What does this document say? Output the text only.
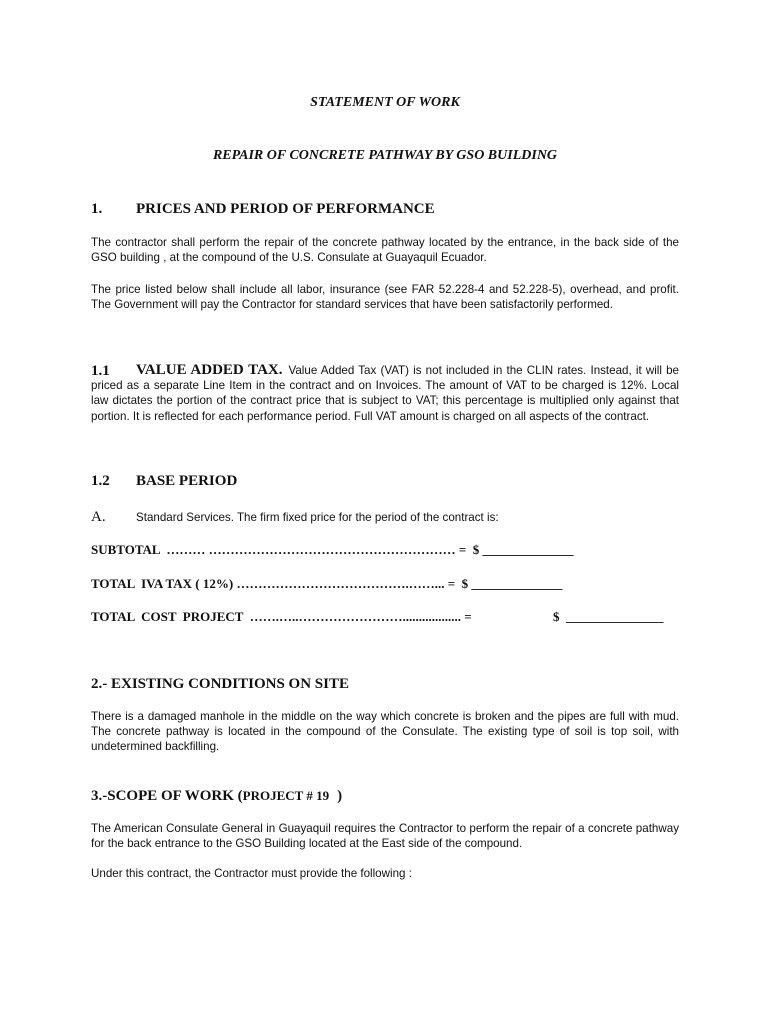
STATEMENT OF WORK
REPAIR OF CONCRETE PATHWAY BY GSO BUILDING
1. PRICES AND PERIOD OF PERFORMANCE
The contractor shall perform the repair of the concrete pathway located by the entrance, in the back side of the GSO building , at the compound of the U.S. Consulate at Guayaquil Ecuador.
The price listed below shall include all labor, insurance (see FAR 52.228-4 and 52.228-5), overhead, and profit. The Government will pay the Contractor for standard services that have been satisfactorily performed.
1.1	VALUE ADDED TAX. Value Added Tax (VAT) is not included in the CLIN rates. Instead, it will be priced as a separate Line Item in the contract and on Invoices. The amount of VAT to be charged is 12%. Local law dictates the portion of the contract price that is subject to VAT; this percentage is multiplied only against that portion. It is reflected for each performance period. Full VAT amount is charged on all aspects of the contract.
1.2 BASE PERIOD
A.	Standard Services. The firm fixed price for the period of the contract is:
SUBTOTAL  ……… ………………………………………………… =  $ ______________
TOTAL  IVA TAX ( 12%) ………………………………….……... =  $ ______________
TOTAL  COST  PROJECT  …….…..…………………….................. =	$  _______________
2.- EXISTING CONDITIONS ON SITE
There is a damaged manhole in the middle on the way which concrete is broken and the pipes are full with mud. The concrete pathway is located in the compound of the Consulate. The existing type of soil is top soil, with undetermined backfilling.
3.-SCOPE OF WORK (PROJECT # 19 )
The American Consulate General in Guayaquil requires the Contractor to perform the repair of a concrete pathway for the back entrance to the GSO Building located at the East side of the compound.
Under this contract, the Contractor must provide the following :
